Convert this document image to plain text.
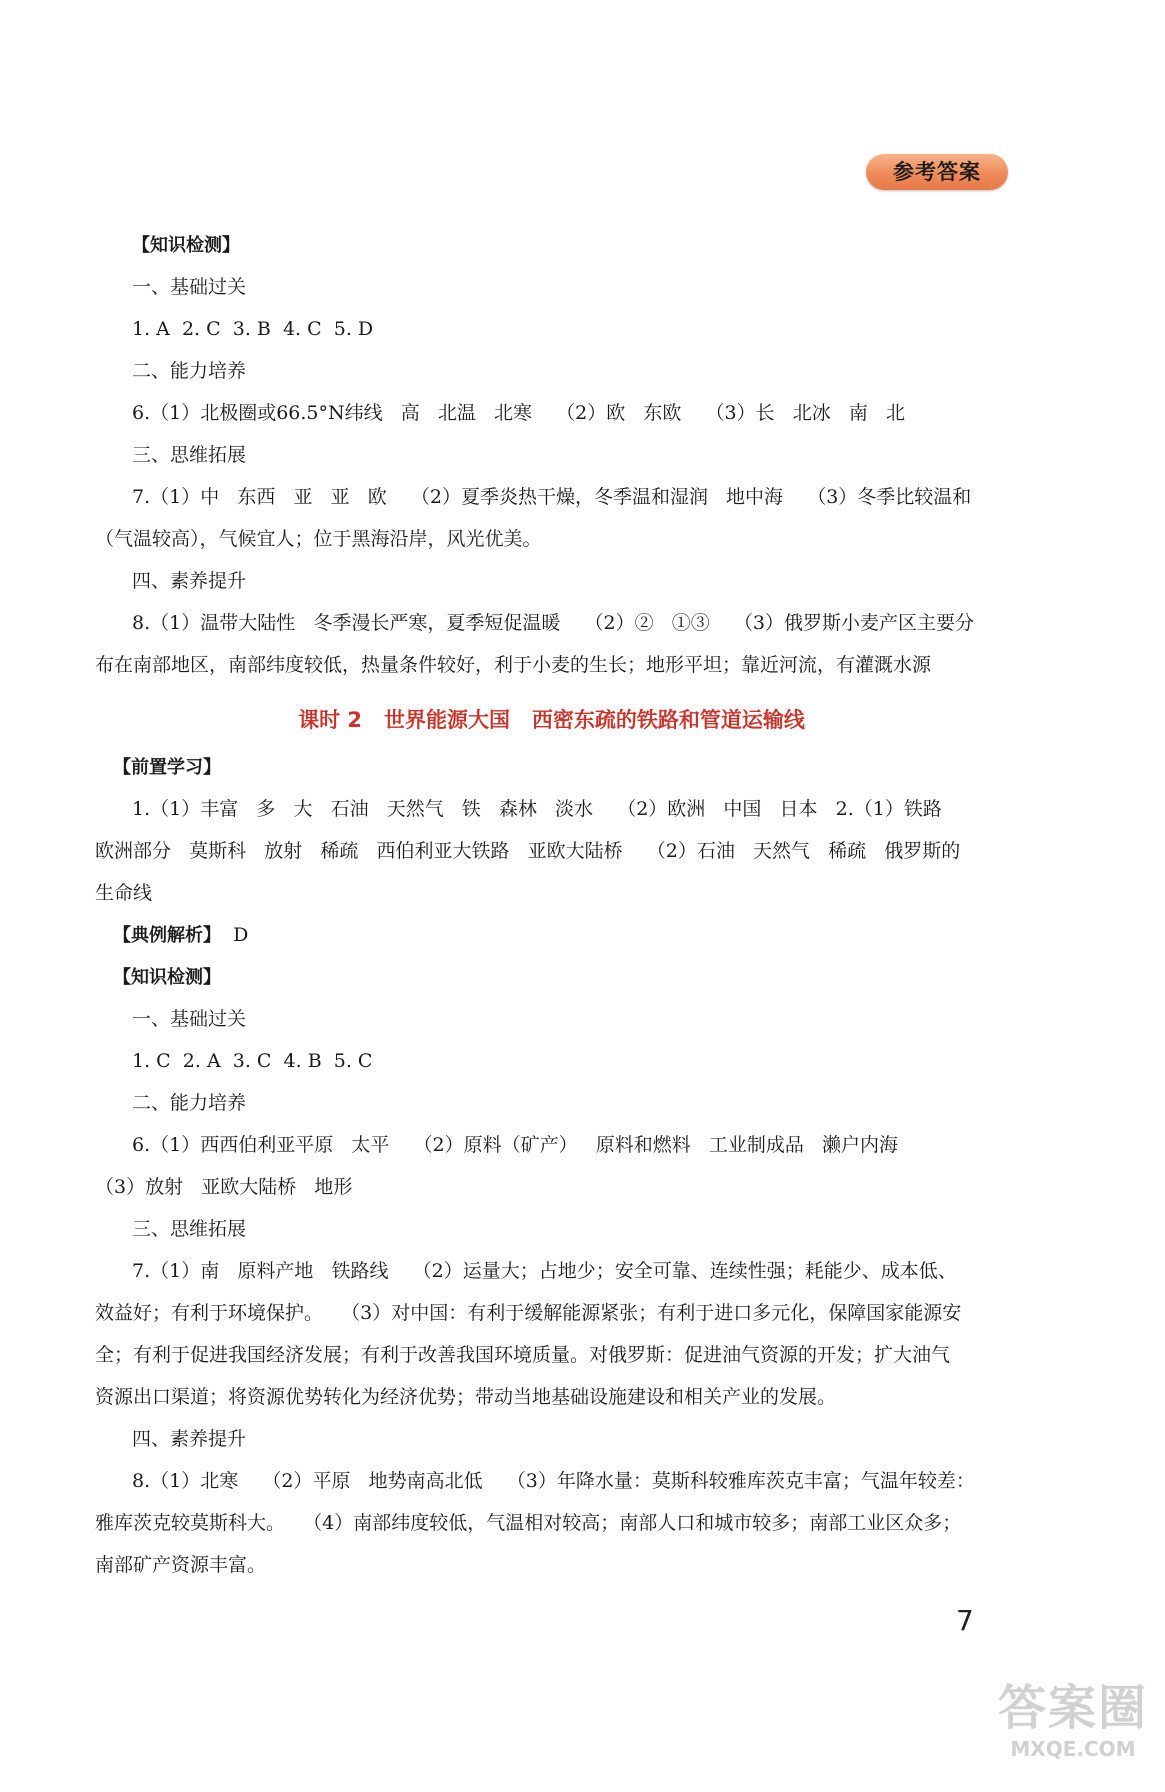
参考答案
【知识检测】
一、基础过关
1. A  2. C  3. B  4. C  5. D
二、能力培养
6.（1）北极圈或66.5°N纬线   高   北温   北寒    （2）欧   东欧    （3）长   北冰   南   北
三、思维拓展
7.（1）中   东西   亚   亚   欧    （2）夏季炎热干燥，冬季温和湿润   地中海    （3）冬季比较温和
（气温较高），气候宜人；位于黑海沿岸，风光优美。
四、素养提升
8.（1）温带大陆性   冬季漫长严寒，夏季短促温暖    （2）②   ①③    （3）俄罗斯小麦产区主要分
布在南部地区，南部纬度较低，热量条件较好，利于小麦的生长；地形平坦；靠近河流，有灌溉水源
课时 2   世界能源大国   西密东疏的铁路和管道运输线
【前置学习】
1.（1）丰富   多   大   石油   天然气   铁   森林   淡水    （2）欧洲   中国   日本   2.（1）铁路
欧洲部分   莫斯科   放射   稀疏   西伯利亚大铁路   亚欧大陆桥    （2）石油   天然气   稀疏   俄罗斯的
生命线
【典例解析】 D
【知识检测】
一、基础过关
1. C  2. A  3. C  4. B  5. C
二、能力培养
6.（1）西西伯利亚平原   太平    （2）原料（矿产）   原料和燃料   工业制成品   濑户内海
（3）放射   亚欧大陆桥   地形
三、思维拓展
7.（1）南   原料产地   铁路线    （2）运量大；占地少；安全可靠、连续性强；耗能少、成本低、
效益好；有利于环境保护。   （3）对中国：有利于缓解能源紧张；有利于进口多元化，保障国家能源安
全；有利于促进我国经济发展；有利于改善我国环境质量。对俄罗斯：促进油气资源的开发；扩大油气
资源出口渠道；将资源优势转化为经济优势；带动当地基础设施建设和相关产业的发展。
四、素养提升
8.（1）北寒    （2）平原   地势南高北低    （3）年降水量：莫斯科较雅库茨克丰富；气温年较差：
雅库茨克较莫斯科大。   （4）南部纬度较低，气温相对较高；南部人口和城市较多；南部工业区众多；
南部矿产资源丰富。
7
答案圈
MXQE.COM
